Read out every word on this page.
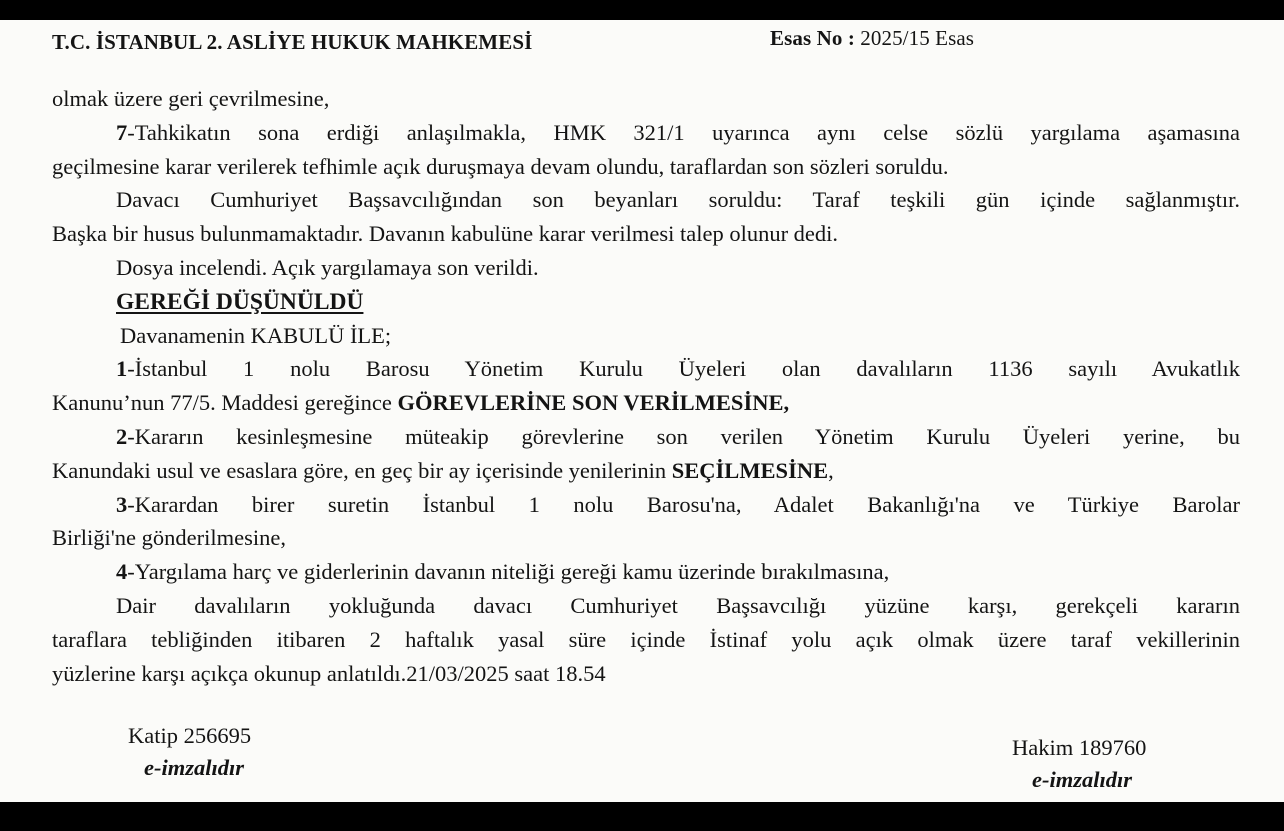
T.C. İSTANBUL 2. ASLİYE HUKUK MAHKEMESİ	Esas No : 2025/15 Esas
olmak üzere geri çevrilmesine,
7-Tahkikatın sona erdiği anlaşılmakla, HMK 321/1 uyarınca aynı celse sözlü yargılama aşamasına
geçilmesine karar verilerek tefhimle açık duruşmaya devam olundu, taraflardan son sözleri soruldu.
Davacı Cumhuriyet Başsavcılığından son beyanları soruldu: Taraf teşkili gün içinde sağlanmıştır.
Başka bir husus bulunmamaktadır. Davanın kabulüne karar verilmesi talep olunur dedi.
Dosya incelendi. Açık yargılamaya son verildi.
GEREĞİ DÜŞÜNÜLDÜ
Davanamenin KABULÜ İLE;
1-İstanbul 1 nolu Barosu Yönetim Kurulu Üyeleri olan davalıların 1136 sayılı Avukatlık
Kanunu’nun 77/5. Maddesi gereğince GÖREVLERİNE SON VERİLMESİNE,
2-Kararın kesinleşmesine müteakip görevlerine son verilen Yönetim Kurulu Üyeleri yerine, bu
Kanundaki usul ve esaslara göre, en geç bir ay içerisinde yenilerinin SEÇİLMESİNE,
3-Karardan birer suretin İstanbul 1 nolu Barosu'na, Adalet Bakanlığı'na ve Türkiye Barolar
Birliği'ne gönderilmesine,
4-Yargılama harç ve giderlerinin davanın niteliği gereği kamu üzerinde bırakılmasına,
Dair davalıların yokluğunda davacı Cumhuriyet Başsavcılığı yüzüne karşı, gerekçeli kararın
taraflara tebliğinden itibaren 2 haftalık yasal süre içinde İstinaf yolu açık olmak üzere taraf vekillerinin
yüzlerine karşı açıkça okunup anlatıldı.21/03/2025 saat 18.54
Katip 256695
e-imzalıdır
Hakim 189760
e-imzalıdır
